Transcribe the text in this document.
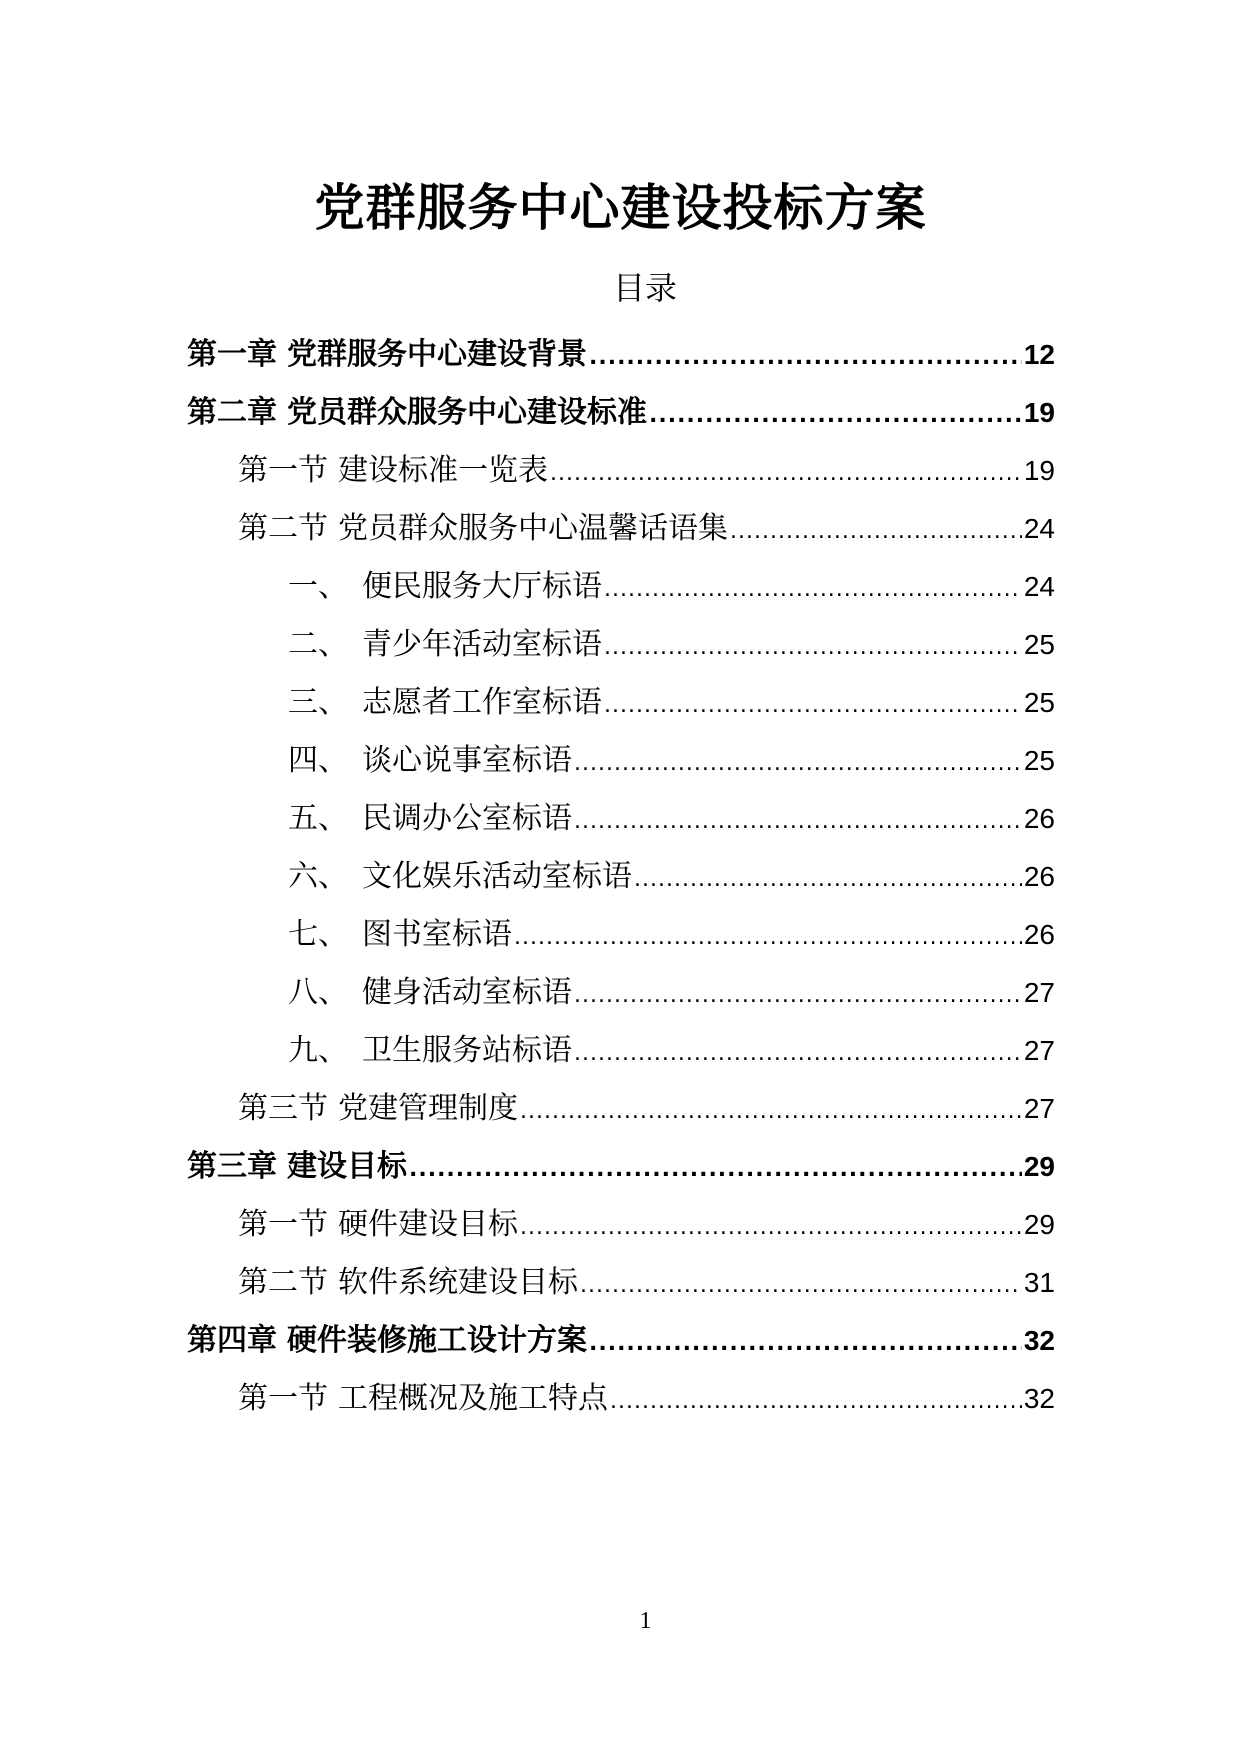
党群服务中心建设投标方案
目录
第一章 党群服务中心建设背景 .....	12
第二章 党员群众服务中心建设标准 .....	19
第一节 建设标准一览表 .....	19
第二节 党员群众服务中心温馨话语集 .....	24
一、 便民服务大厅标语 .....	24
二、 青少年活动室标语 .....	25
三、 志愿者工作室标语 .....	25
四、 谈心说事室标语 .....	25
五、 民调办公室标语 .....	26
六、 文化娱乐活动室标语 .....	26
七、 图书室标语 .....	26
八、 健身活动室标语 .....	27
九、 卫生服务站标语 .....	27
第三节 党建管理制度 .....	27
第三章 建设目标 .....	29
第一节 硬件建设目标 .....	29
第二节 软件系统建设目标 .....	31
第四章 硬件装修施工设计方案 .....	32
第一节 工程概况及施工特点 .....	32
1
